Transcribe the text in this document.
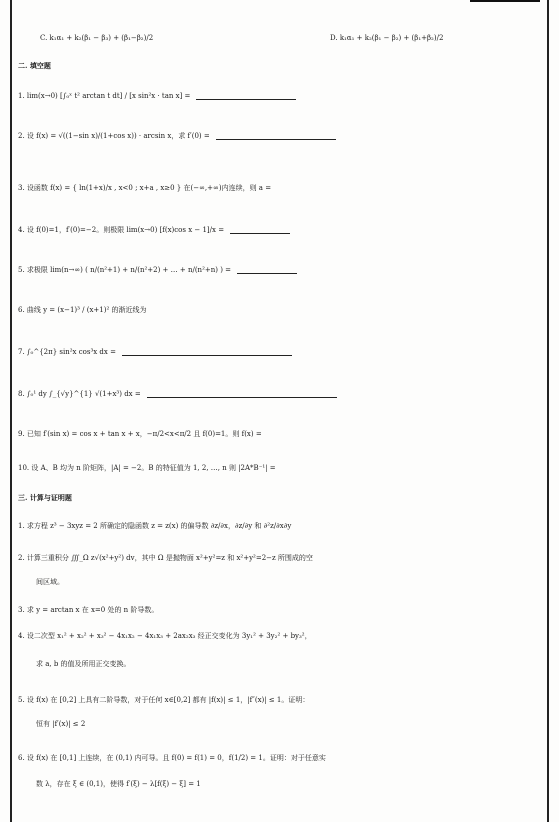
C. k₁α₁ + k₂(β₁ − β₃) + (β₁−β₂)/2	D. k₁α₁ + k₂(β₁ − β₂) + (β₁+β₂)/2
二. 填空题
1. lim(x→0) [∫₀ˣ t² arctan t dt] / [x sin²x · tan x] =
2. 设 f(x) = √((1−sin x)/(1+cos x)) · arcsin x，求 f′(0) =
3. 设函数 f(x) = { ln(1+x)/x , x<0 ; x+a , x≥0 } 在(−∞,+∞)内连续，则 a =
4. 设 f(0)=1，f′(0)=−2。则极限 lim(x→0) [f(x)cos x − 1]/x =
5. 求极限 lim(n→∞) ( n/(n²+1) + n/(n²+2) + … + n/(n²+n) ) =
6. 曲线 y = (x−1)³ / (x+1)² 的渐近线为
7. ∫₀^{2π} sin²x cos³x dx =
8. ∫₀¹ dy ∫_{√y}^{1} √(1+x³) dx =
9. 已知 f′(sin x) = cos x + tan x + x，−π/2<x<π/2 且 f(0)=1。则 f(x) =
10. 设 A、B 均为 n 阶矩阵，|A| = −2。B 的特征值为 1, 2, …, n 则 |2A*B⁻¹| =
三. 计算与证明题
1. 求方程 z³ − 3xyz = 2 所确定的隐函数 z = z(x) 的偏导数 ∂z/∂x，∂z/∂y 和 ∂²z/∂x∂y
2. 计算三重积分 ∭_Ω z√(x²+y²) dv，其中 Ω 是抛物面 x²+y²=z 和 x²+y²=2−z 所围成的空
间区域。
3. 求 y = arctan x 在 x=0 处的 n 阶导数。
4. 设二次型 x₁² + x₂² + x₃² − 4x₁x₂ − 4x₁x₃ + 2ax₂x₃ 经正交变化为 3y₁² + 3y₂² + by₃²，
求 a, b 的值及所用正交变换。
5. 设 f(x) 在 [0,2] 上具有二阶导数，对于任何 x∈[0,2] 都有 |f(x)| ≤ 1，|f″(x)| ≤ 1。证明：
恒有 |f′(x)| ≤ 2
6. 设 f(x) 在 [0,1] 上连续，在 (0,1) 内可导。且 f(0) = f(1) = 0，f(1/2) = 1。证明：对于任意实
数 λ，存在 ξ ∈ (0,1)，使得 f′(ξ) − λ[f(ξ) − ξ] = 1
